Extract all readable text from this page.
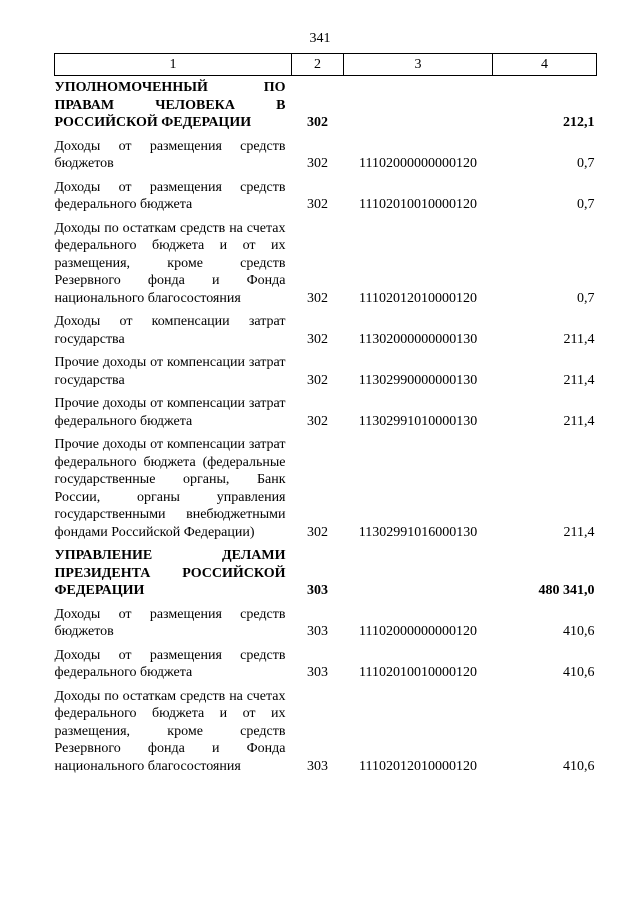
341
1	2	3	4
УПОЛНОМОЧЕННЫЙ ПО ПРАВАМ ЧЕЛОВЕКА В РОССИЙСКОЙ ФЕДЕРАЦИИ	302		212,1
Доходы от размещения средств бюджетов	302	11102000000000120	0,7
Доходы от размещения средств федерального бюджета	302	11102010010000120	0,7
Доходы по остаткам средств на счетах федерального бюджета и от их размещения, кроме средств Резервного фонда и Фонда национального благосостояния	302	11102012010000120	0,7
Доходы от компенсации затрат государства	302	11302000000000130	211,4
Прочие доходы от компенсации затрат государства	302	11302990000000130	211,4
Прочие доходы от компенсации затрат федерального бюджета	302	11302991010000130	211,4
Прочие доходы от компенсации затрат федерального бюджета (федеральные государственные органы, Банк России, органы управления государственными внебюджетными фондами Российской Федерации)	302	11302991016000130	211,4
УПРАВЛЕНИЕ ДЕЛАМИ ПРЕЗИДЕНТА РОССИЙСКОЙ ФЕДЕРАЦИИ	303		480 341,0
Доходы от размещения средств бюджетов	303	11102000000000120	410,6
Доходы от размещения средств федерального бюджета	303	11102010010000120	410,6
Доходы по остаткам средств на счетах федерального бюджета и от их размещения, кроме средств Резервного фонда и Фонда национального благосостояния	303	11102012010000120	410,6
